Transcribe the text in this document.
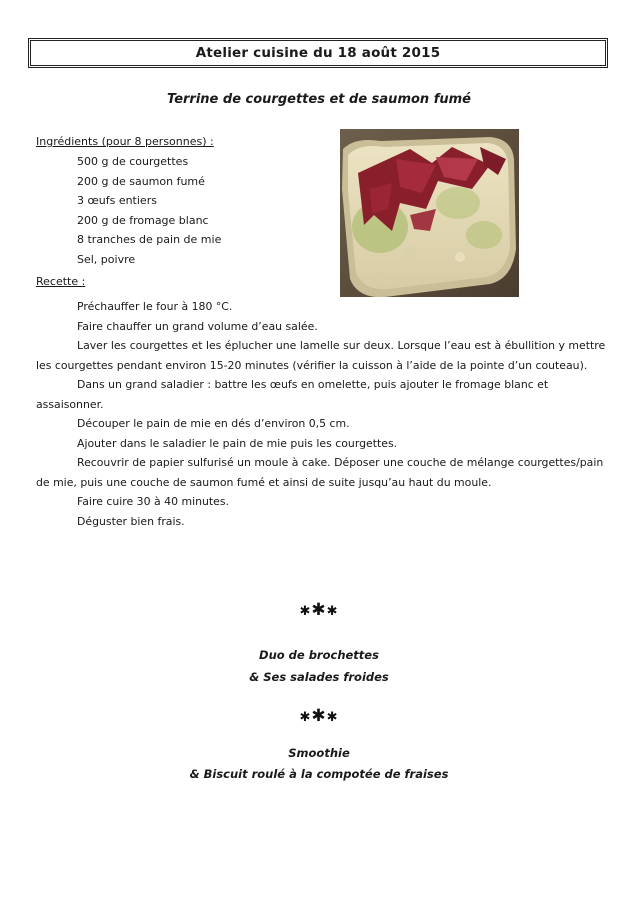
Atelier cuisine du 18 août 2015
Terrine de courgettes et de saumon fumé
Ingrédients (pour 8 personnes) :
500 g de courgettes
200 g de saumon fumé
3 œufs entiers
200 g de fromage blanc
8 tranches de pain de mie
Sel, poivre
Recette :

Préchauffer le four à 180 °C.

Faire chauffer un grand volume d’eau salée.

Laver les courgettes et les éplucher une lamelle sur deux. Lorsque l’eau est à ébullition y mettre les courgettes pendant environ 15-20 minutes (vérifier la cuisson à l’aide de la pointe d’un couteau).

Dans un grand saladier : battre les œufs en omelette, puis ajouter le fromage blanc et assaisonner.

Découper le pain de mie en dés d’environ 0,5 cm.

Ajouter dans le saladier le pain de mie puis les courgettes.

Recouvrir de papier sulfurisé un moule à cake. Déposer une couche de mélange courgettes/pain de mie, puis une couche de saumon fumé et ainsi de suite jusqu’au haut du moule.

Faire cuire 30 à 40 minutes.

Déguster bien frais.

✱✱✱
Duo de brochettes
& Ses salades froides
✱✱✱
Smoothie
& Biscuit roulé à la compotée de fraises
